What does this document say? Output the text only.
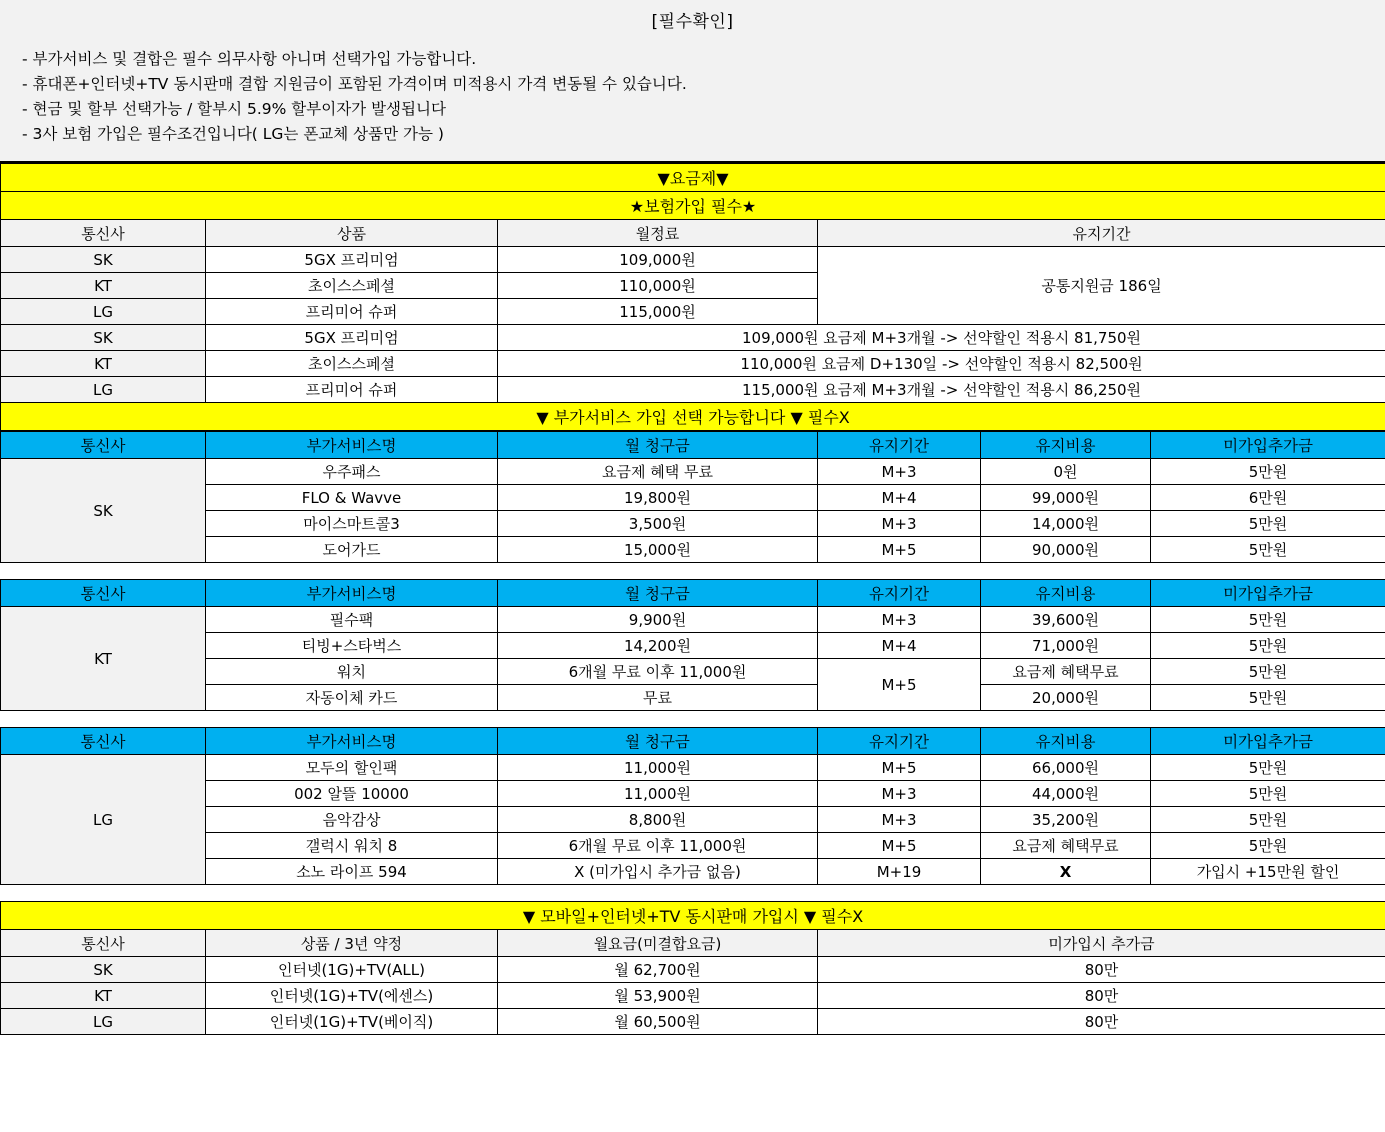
[필수확인]
- 부가서비스 및 결합은 필수 의무사항 아니며 선택가입 가능합니다.
- 휴대폰+인터넷+TV 동시판매 결합 지원금이 포함된 가격이며 미적용시 가격 변동될 수 있습니다.
- 현금 및 할부 선택가능 / 할부시 5.9% 할부이자가 발생됩니다
- 3사 보험 가입은 필수조건입니다( LG는 폰교체 상품만 가능 )
▼요금제▼			
★보험가입 필수★			
통신사	상품	월정료	유지기간
SK	5GX 프리미엄	109,000원	공통지원금 186일
KT	초이스스페셜	110,000원	
LG	프리미어 슈퍼	115,000원	
SK	5GX 프리미엄	109,000원 요금제 M+3개월 -> 선약할인 적용시 81,750원	
KT	초이스스페셜	110,000원 요금제 D+130일 -> 선약할인 적용시 82,500원	
LG	프리미어 슈퍼	115,000원 요금제 M+3개월 -> 선약할인 적용시 86,250원	
▼ 부가서비스 가입 선택 가능합니다 ▼ 필수X			
통신사	부가서비스명	월 청구금	유지기간	유지비용	미가입추가금
SK	우주패스	요금제 혜택 무료	M+3	0원	5만원
	FLO & Wavve	19,800원	M+4	99,000원	6만원
	마이스마트콜3	3,500원	M+3	14,000원	5만원
	도어가드	15,000원	M+5	90,000원	5만원
통신사	부가서비스명	월 청구금	유지기간	유지비용	미가입추가금
KT	필수팩	9,900원	M+3	39,600원	5만원
	티빙+스타벅스	14,200원	M+4	71,000원	5만원
	워치	6개월 무료 이후 11,000원	M+5	요금제 혜택무료	5만원
	자동이체 카드	무료		20,000원	5만원
통신사	부가서비스명	월 청구금	유지기간	유지비용	미가입추가금
LG	모두의 할인팩	11,000원	M+5	66,000원	5만원
	002 알뜰 10000	11,000원	M+3	44,000원	5만원
	음악감상	8,800원	M+3	35,200원	5만원
	갤럭시 워치 8	6개월 무료 이후 11,000원	M+5	요금제 혜택무료	5만원
	소노 라이프 594	X (미가입시 추가금 없음)	M+19	X	가입시 +15만원 할인
▼ 모바일+인터넷+TV 동시판매 가입시 ▼ 필수X			
통신사	상품 / 3년 약정	월요금(미결합요금)	미가입시 추가금
SK	인터넷(1G)+TV(ALL)	월 62,700원	80만
KT	인터넷(1G)+TV(에센스)	월 53,900원	80만
LG	인터넷(1G)+TV(베이직)	월 60,500원	80만
